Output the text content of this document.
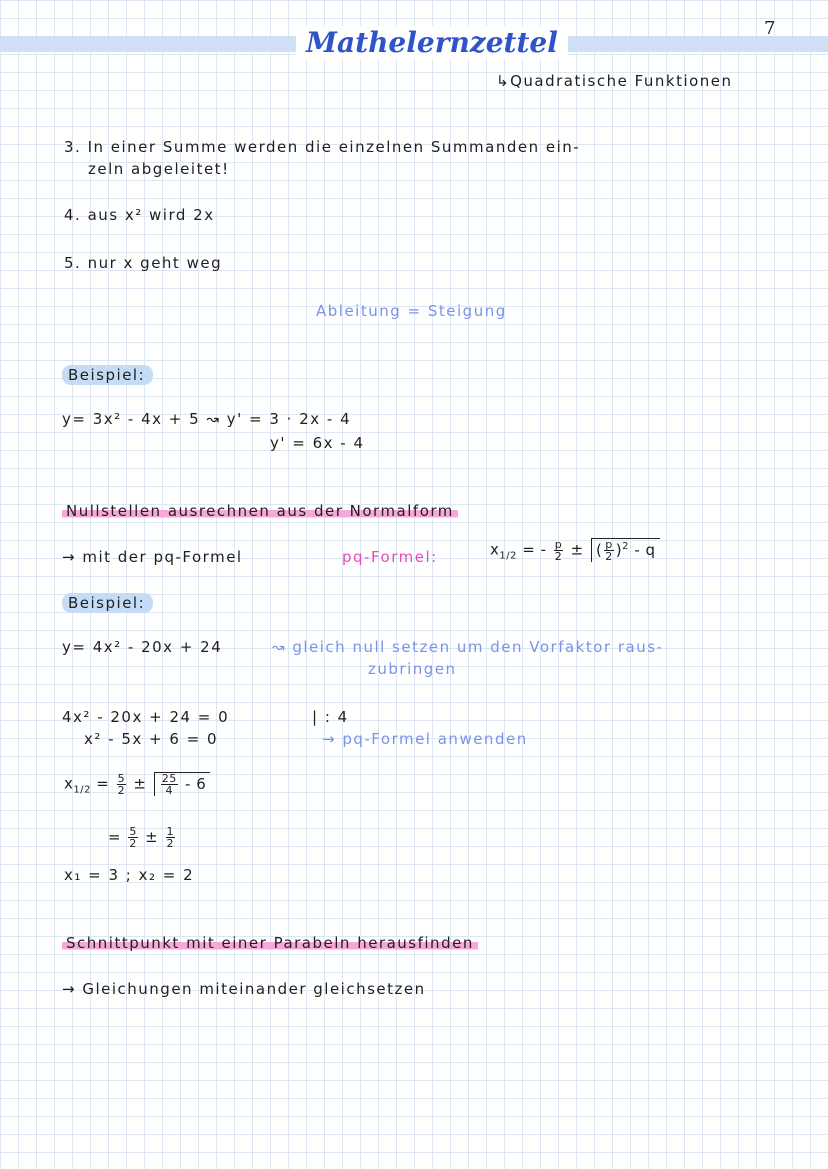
Mathelernzettel	7
↳Quadratische Funktionen
3. In einer Summe werden die einzelnen Summanden ein-
zeln abgeleitet!
4. aus x² wird 2x
5. nur x geht weg
Ableitung = Steigung
Beispiel:
y= 3x² - 4x + 5 ↝ y' = 3 · 2x - 4
y' = 6x - 4
Nullstellen ausrechnen aus der Normalform
→ mit der pq-Formel	pq-Formel:	$x_{1/2}$ = - $\frac{p}{2}$ ± ( $\frac{p}{2} )^2$ - q
Beispiel:
y= 4x² - 20x + 24	↝ gleich null setzen um den Vorfaktor raus-
zubringen
4x² - 20x + 24 = 0	| : 4
x² - 5x + 6 = 0	→ pq-Formel anwenden
$x_{1/2} = \frac{5}{2} \pm \frac{25}{4} - 6$
= $\frac{5}{2} \pm \frac{1}{2}$
x₁ = 3 ; x₂ = 2
Schnittpunkt mit einer Parabeln herausfinden
→ Gleichungen miteinander gleichsetzen
